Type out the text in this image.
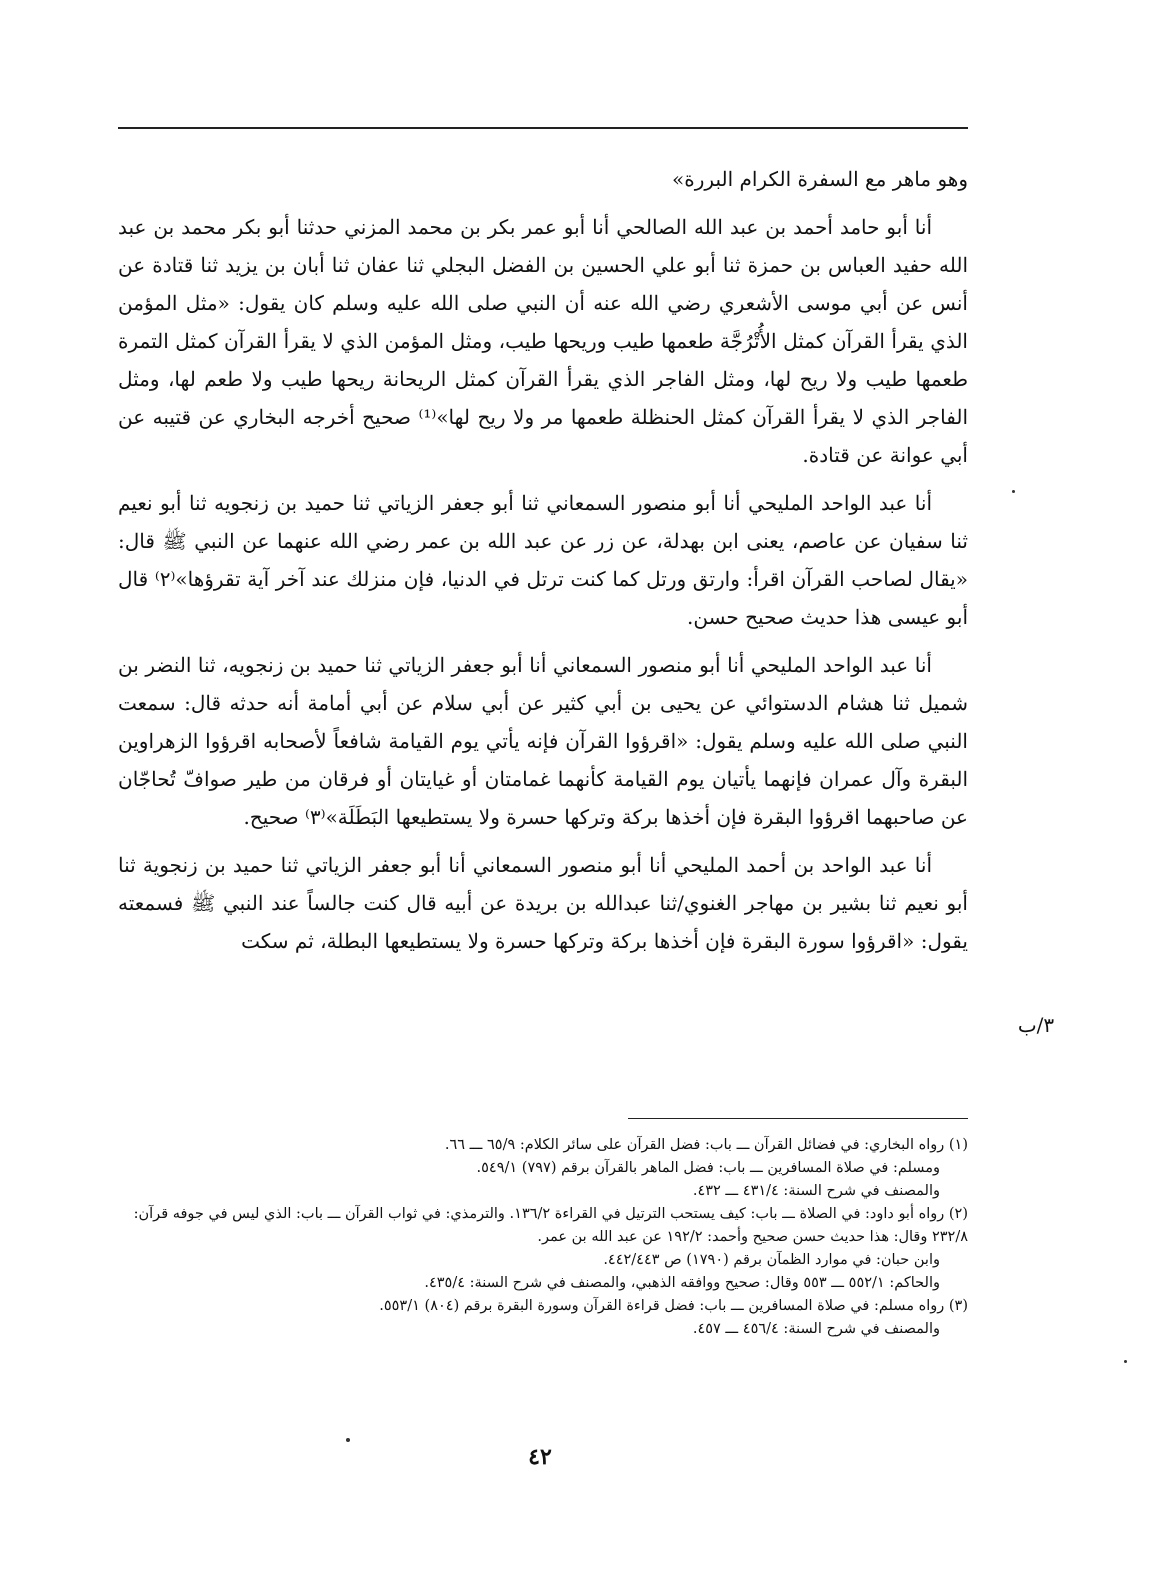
وهو ماهر مع السفرة الكرام البررة»

أنا أبو حامد أحمد بن عبد الله الصالحي أنا أبو عمر بكر بن محمد المزني حدثنا أبو بكر محمد بن عبد الله حفيد العباس بن حمزة ثنا أبو علي الحسين بن الفضل البجلي ثنا عفان ثنا أبان بن يزيد ثنا قتادة عن أنس عن أبي موسى الأشعري رضي الله عنه أن النبي صلى الله عليه وسلم كان يقول: «مثل المؤمن الذي يقرأ القرآن كمثل الأُتْرُجَّة طعمها طيب وريحها طيب، ومثل المؤمن الذي لا يقرأ القرآن كمثل التمرة طعمها طيب ولا ريح لها، ومثل الفاجر الذي يقرأ القرآن كمثل الريحانة ريحها طيب ولا طعم لها، ومثل الفاجر الذي لا يقرأ القرآن كمثل الحنظلة طعمها مر ولا ريح لها»⁽¹⁾ صحيح أخرجه البخاري عن قتيبه عن أبي عوانة عن قتادة.

أنا عبد الواحد المليحي أنا أبو منصور السمعاني ثنا أبو جعفر الزياتي ثنا حميد بن زنجويه ثنا أبو نعيم ثنا سفيان عن عاصم، يعنى ابن بهدلة، عن زر عن عبد الله بن عمر رضي الله عنهما عن النبي ﷺ قال: «يقال لصاحب القرآن اقرأ: وارتق ورتل كما كنت ترتل في الدنيا، فإن منزلك عند آخر آية تقرؤها»⁽٢⁾ قال أبو عيسى هذا حديث صحيح حسن.

أنا عبد الواحد المليحي أنا أبو منصور السمعاني أنا أبو جعفر الزياتي ثنا حميد بن زنجويه، ثنا النضر بن شميل ثنا هشام الدستوائي عن يحيى بن أبي كثير عن أبي سلام عن أبي أمامة أنه حدثه قال: سمعت النبي صلى الله عليه وسلم يقول: «اقرؤوا القرآن فإنه يأتي يوم القيامة شافعاً لأصحابه اقرؤوا الزهراوين البقرة وآل عمران فإنهما يأتيان يوم القيامة كأنهما غمامتان أو غيايتان أو فرقان من طير صوافّ تُحاجّان عن صاحبهما اقرؤوا البقرة فإن أخذها بركة وتركها حسرة ولا يستطيعها البَطَلَة»⁽٣⁾ صحيح.

أنا عبد الواحد بن أحمد المليحي أنا أبو منصور السمعاني أنا أبو جعفر الزياتي ثنا حميد بن زنجوية ثنا أبو نعيم ثنا بشير بن مهاجر الغنوي/ثنا عبدالله بن بريدة عن أبيه قال كنت جالساً عند النبي ﷺ فسمعته يقول: «اقرؤوا سورة البقرة فإن أخذها بركة وتركها حسرة ولا يستطيعها البطلة، ثم سكت

٣/ب

(١) رواه البخاري: في فضائل القرآن ـــ باب: فضل القرآن على سائر الكلام: ٦٥/٩ ـــ ٦٦.

ومسلم: في صلاة المسافرين ـــ باب: فضل الماهر بالقرآن برقم (٧٩٧) ٥٤٩/١.

والمصنف في شرح السنة: ٤٣١/٤ ـــ ٤٣٢.

(٢) رواه أبو داود: في الصلاة ـــ باب: كيف يستحب الترتيل في القراءة ١٣٦/٢. والترمذي: في ثواب القرآن ـــ باب: الذي ليس في جوفه قرآن: ٢٣٢/٨ وقال: هذا حديث حسن صحيح وأحمد: ١٩٢/٢ عن عبد الله بن عمر.

وابن حبان: في موارد الظمآن برقم (١٧٩٠) ص ٤٤٢/٤٤٣.

والحاكم: ٥٥٢/١ ـــ ٥٥٣ وقال: صحيح ووافقه الذهبي، والمصنف في شرح السنة: ٤٣٥/٤.

(٣) رواه مسلم: في صلاة المسافرين ـــ باب: فضل قراءة القرآن وسورة البقرة برقم (٨٠٤) ٥٥٣/١.

والمصنف في شرح السنة: ٤٥٦/٤ ـــ ٤٥٧.

٤٢
